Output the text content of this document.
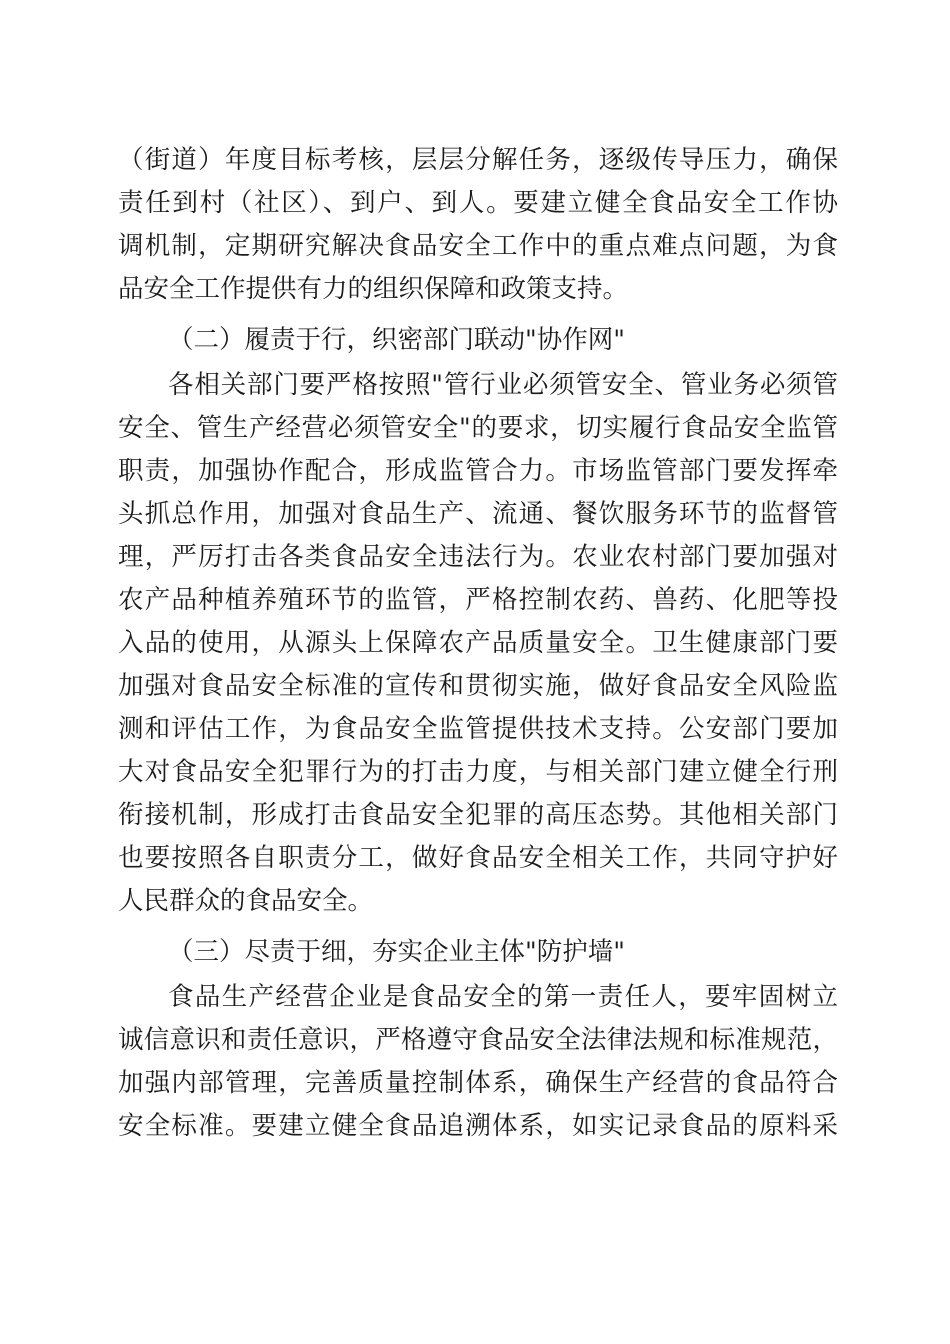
（街道）年度目标考核，层层分解任务，逐级传导压力，确保
责任到村（社区）、到户、到人。要建立健全食品安全工作协
调机制，定期研究解决食品安全工作中的重点难点问题，为食
品安全工作提供有力的组织保障和政策支持。
（二）履责于行，织密部门联动"协作网"
各相关部门要严格按照"管行业必须管安全、管业务必须管
安全、管生产经营必须管安全"的要求，切实履行食品安全监管
职责，加强协作配合，形成监管合力。市场监管部门要发挥牵
头抓总作用，加强对食品生产、流通、餐饮服务环节的监督管
理，严厉打击各类食品安全违法行为。农业农村部门要加强对
农产品种植养殖环节的监管，严格控制农药、兽药、化肥等投
入品的使用，从源头上保障农产品质量安全。卫生健康部门要
加强对食品安全标准的宣传和贯彻实施，做好食品安全风险监
测和评估工作，为食品安全监管提供技术支持。公安部门要加
大对食品安全犯罪行为的打击力度，与相关部门建立健全行刑
衔接机制，形成打击食品安全犯罪的高压态势。其他相关部门
也要按照各自职责分工，做好食品安全相关工作，共同守护好
人民群众的食品安全。
（三）尽责于细，夯实企业主体"防护墙"
食品生产经营企业是食品安全的第一责任人，要牢固树立
诚信意识和责任意识，严格遵守食品安全法律法规和标准规范，
加强内部管理，完善质量控制体系，确保生产经营的食品符合
安全标准。要建立健全食品追溯体系，如实记录食品的原料采
